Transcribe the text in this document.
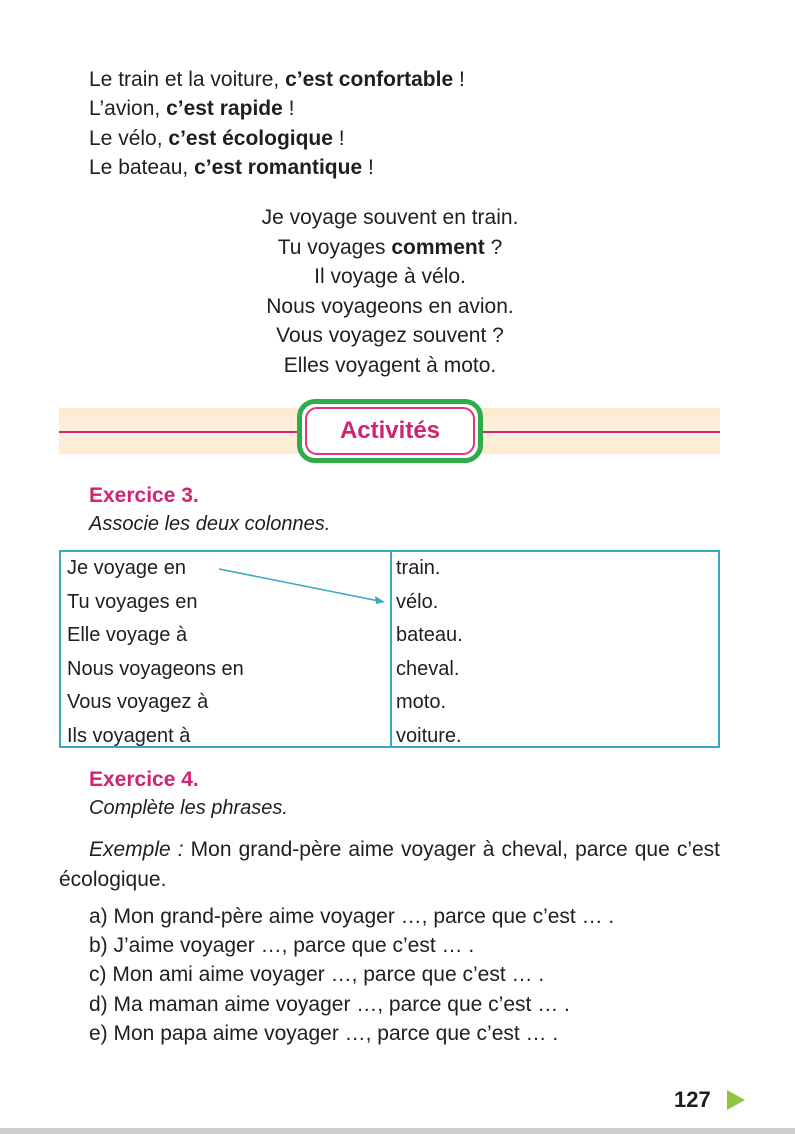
Le train et la voiture, c’est confortable !
L’avion, c’est rapide !
Le vélo, c’est écologique !
Le bateau, c’est romantique !
Je voyage souvent en train.
Tu voyages comment ?
Il voyage à vélo.
Nous voyageons en avion.
Vous voyagez souvent ?
Elles voyagent à moto.
Activités
Exercice 3.
Associe les deux colonnes.
Je voyage en
Tu voyages en
Elle voyage à
Nous voyageons en
Vous voyagez à
Ils voyagent à
train.
vélo.
bateau.
cheval.
moto.
voiture.
Exercice 4.
Complète les phrases.
Exemple : Mon grand-père aime voyager à cheval, parce que c’est écologique.
a) Mon grand-père aime voyager …, parce que c’est … .
b) J’aime voyager …, parce que c’est … .
c) Mon ami aime voyager …, parce que c’est … .
d) Ma maman aime voyager …, parce que c’est … .
e) Mon papa aime voyager …, parce que c’est … .
127
